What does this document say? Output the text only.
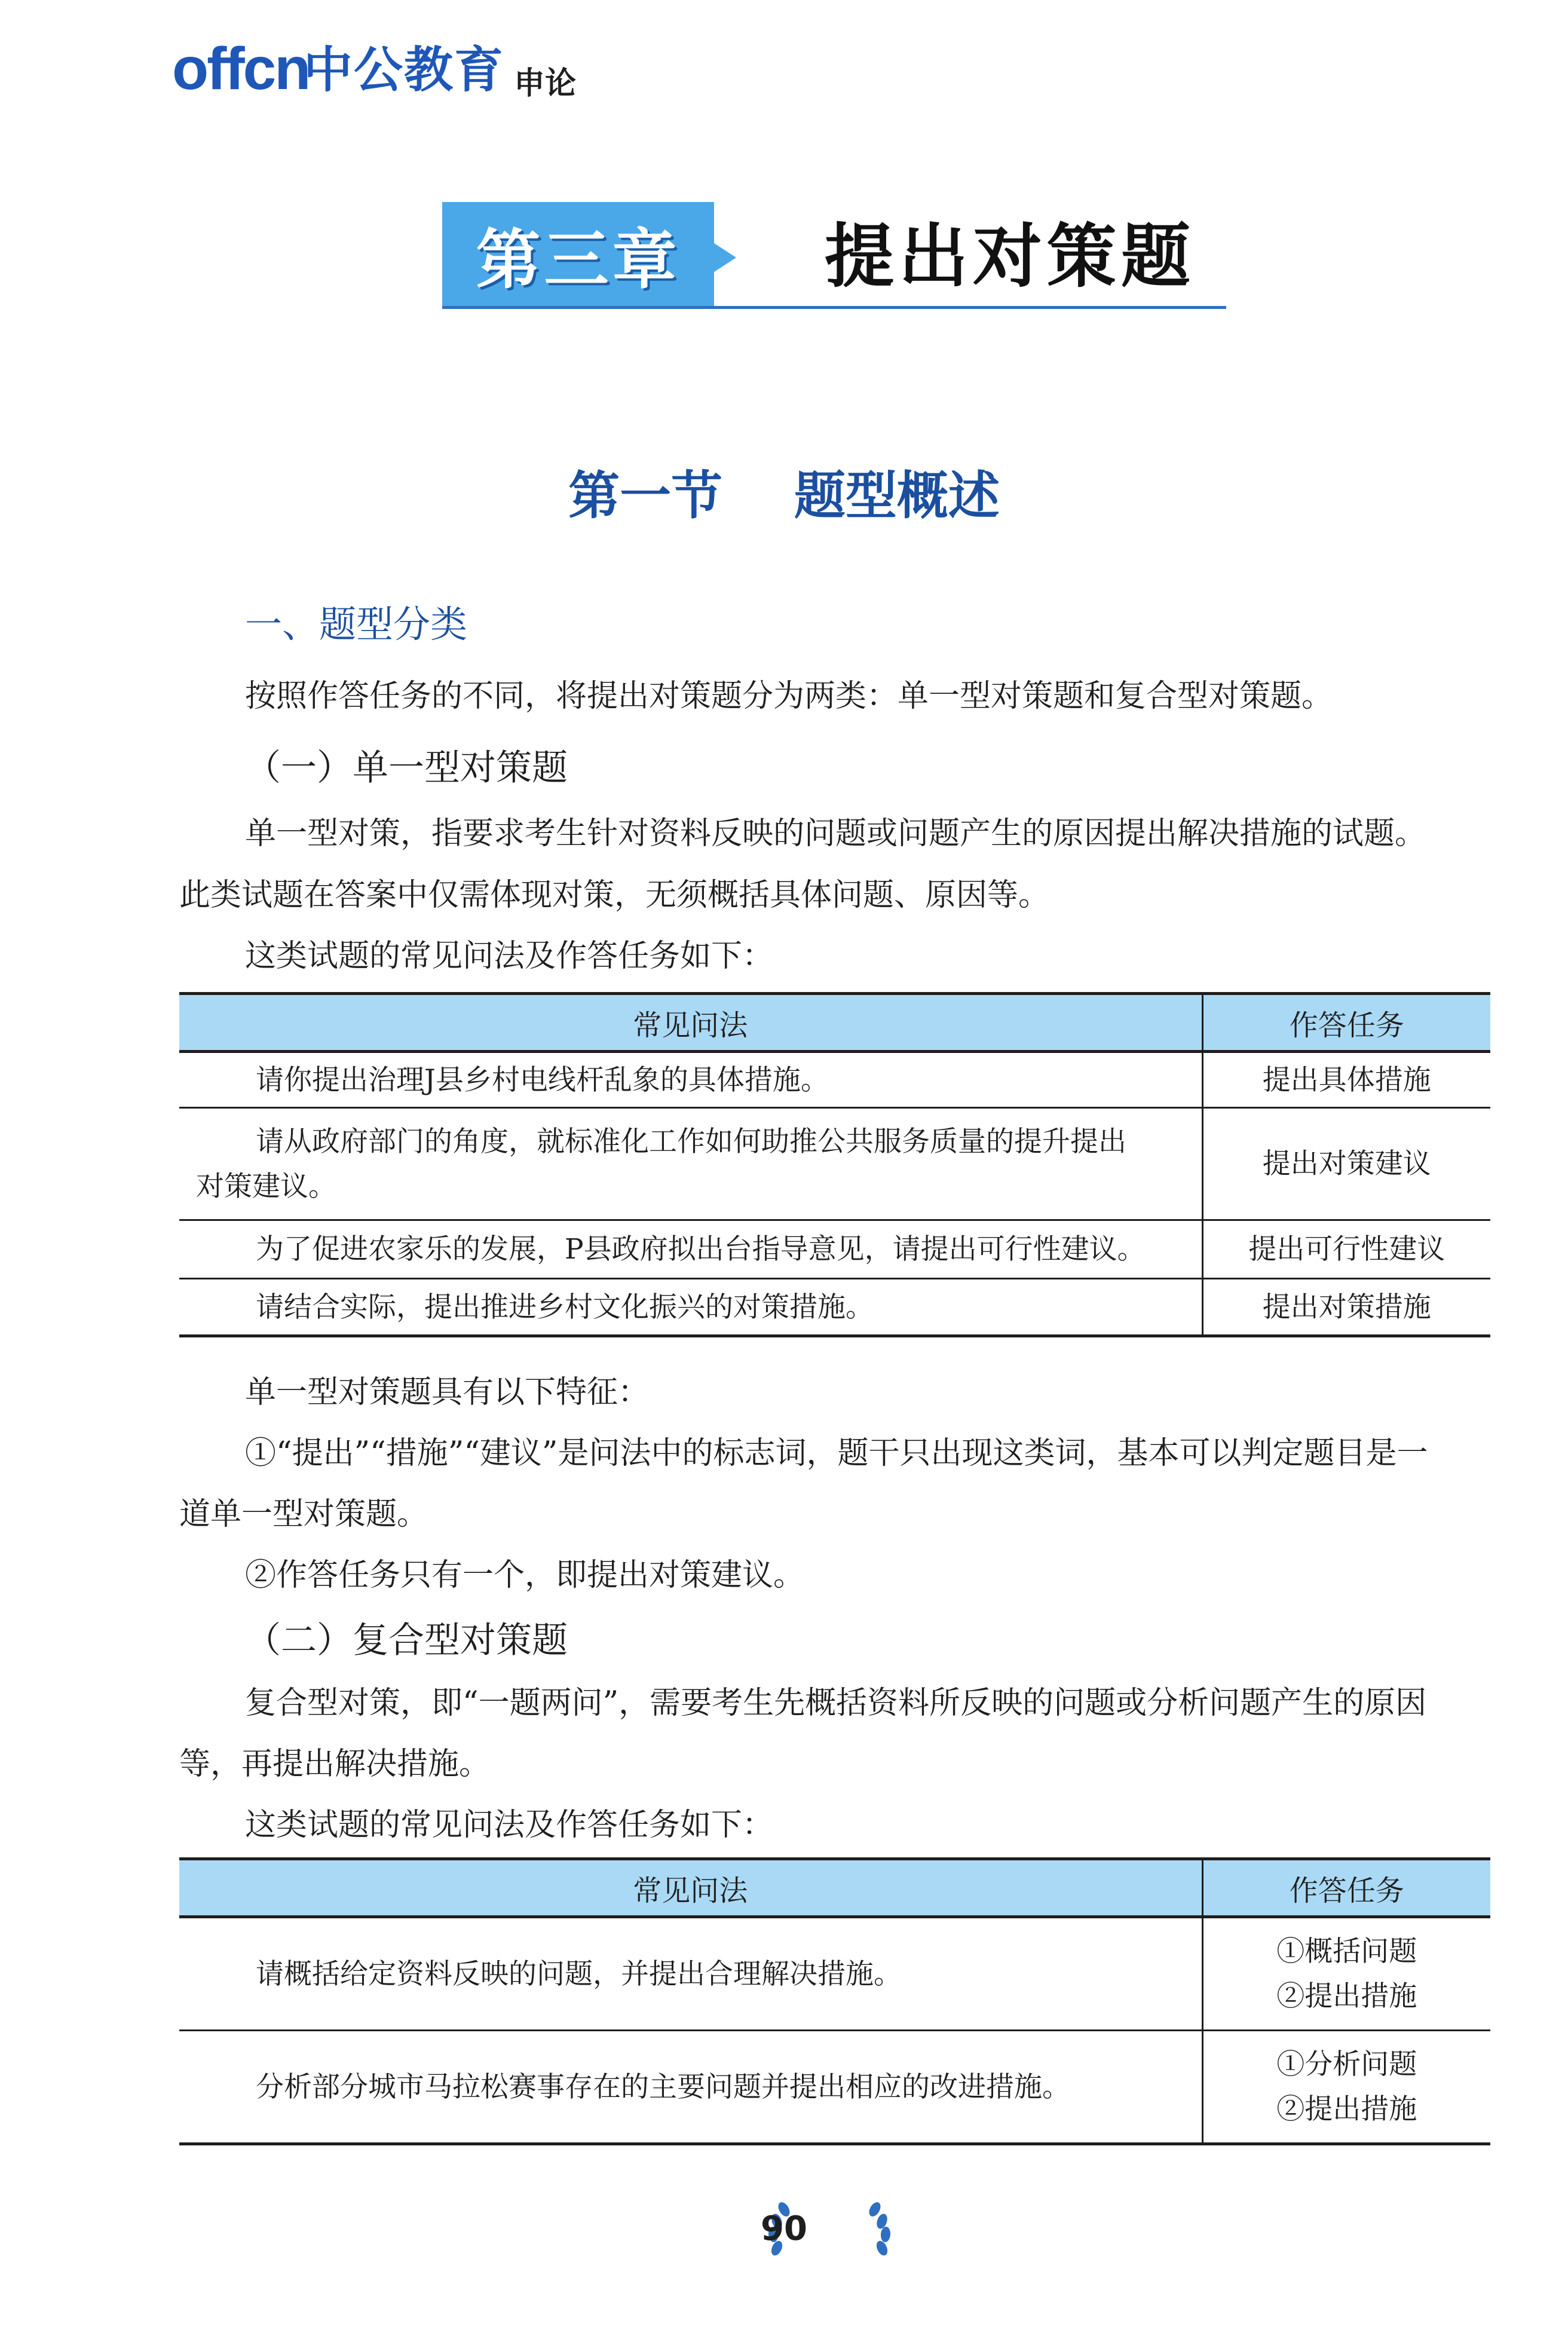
offcn
中公教育 申论
第三章 提出对策题
第一节    题型概述
一、题型分类
按照作答任务的不同，将提出对策题分为两类：单一型对策题和复合型对策题。
（一）单一型对策题
单一型对策，指要求考生针对资料反映的问题或问题产生的原因提出解决措施的试题。
此类试题在答案中仅需体现对策，无须概括具体问题、原因等。
这类试题的常见问法及作答任务如下：
常见问法	作答任务
请你提出治理J县乡村电线杆乱象的具体措施。	提出具体措施
请从政府部门的角度，就标准化工作如何助推公共服务质量的提升提出
对策建议。	提出对策建议
为了促进农家乐的发展，P县政府拟出台指导意见，请提出可行性建议。	提出可行性建议
请结合实际，提出推进乡村文化振兴的对策措施。	提出对策措施
单一型对策题具有以下特征：
①“提出”“措施”“建议”是问法中的标志词，题干只出现这类词，基本可以判定题目是一
道单一型对策题。
②作答任务只有一个，即提出对策建议。
（二）复合型对策题
复合型对策，即“一题两问”，需要考生先概括资料所反映的问题或分析问题产生的原因
等，再提出解决措施。
这类试题的常见问法及作答任务如下：
常见问法	作答任务
请概括给定资料反映的问题，并提出合理解决措施。	①概括问题
②提出措施
分析部分城市马拉松赛事存在的主要问题并提出相应的改进措施。	①分析问题
②提出措施
90
